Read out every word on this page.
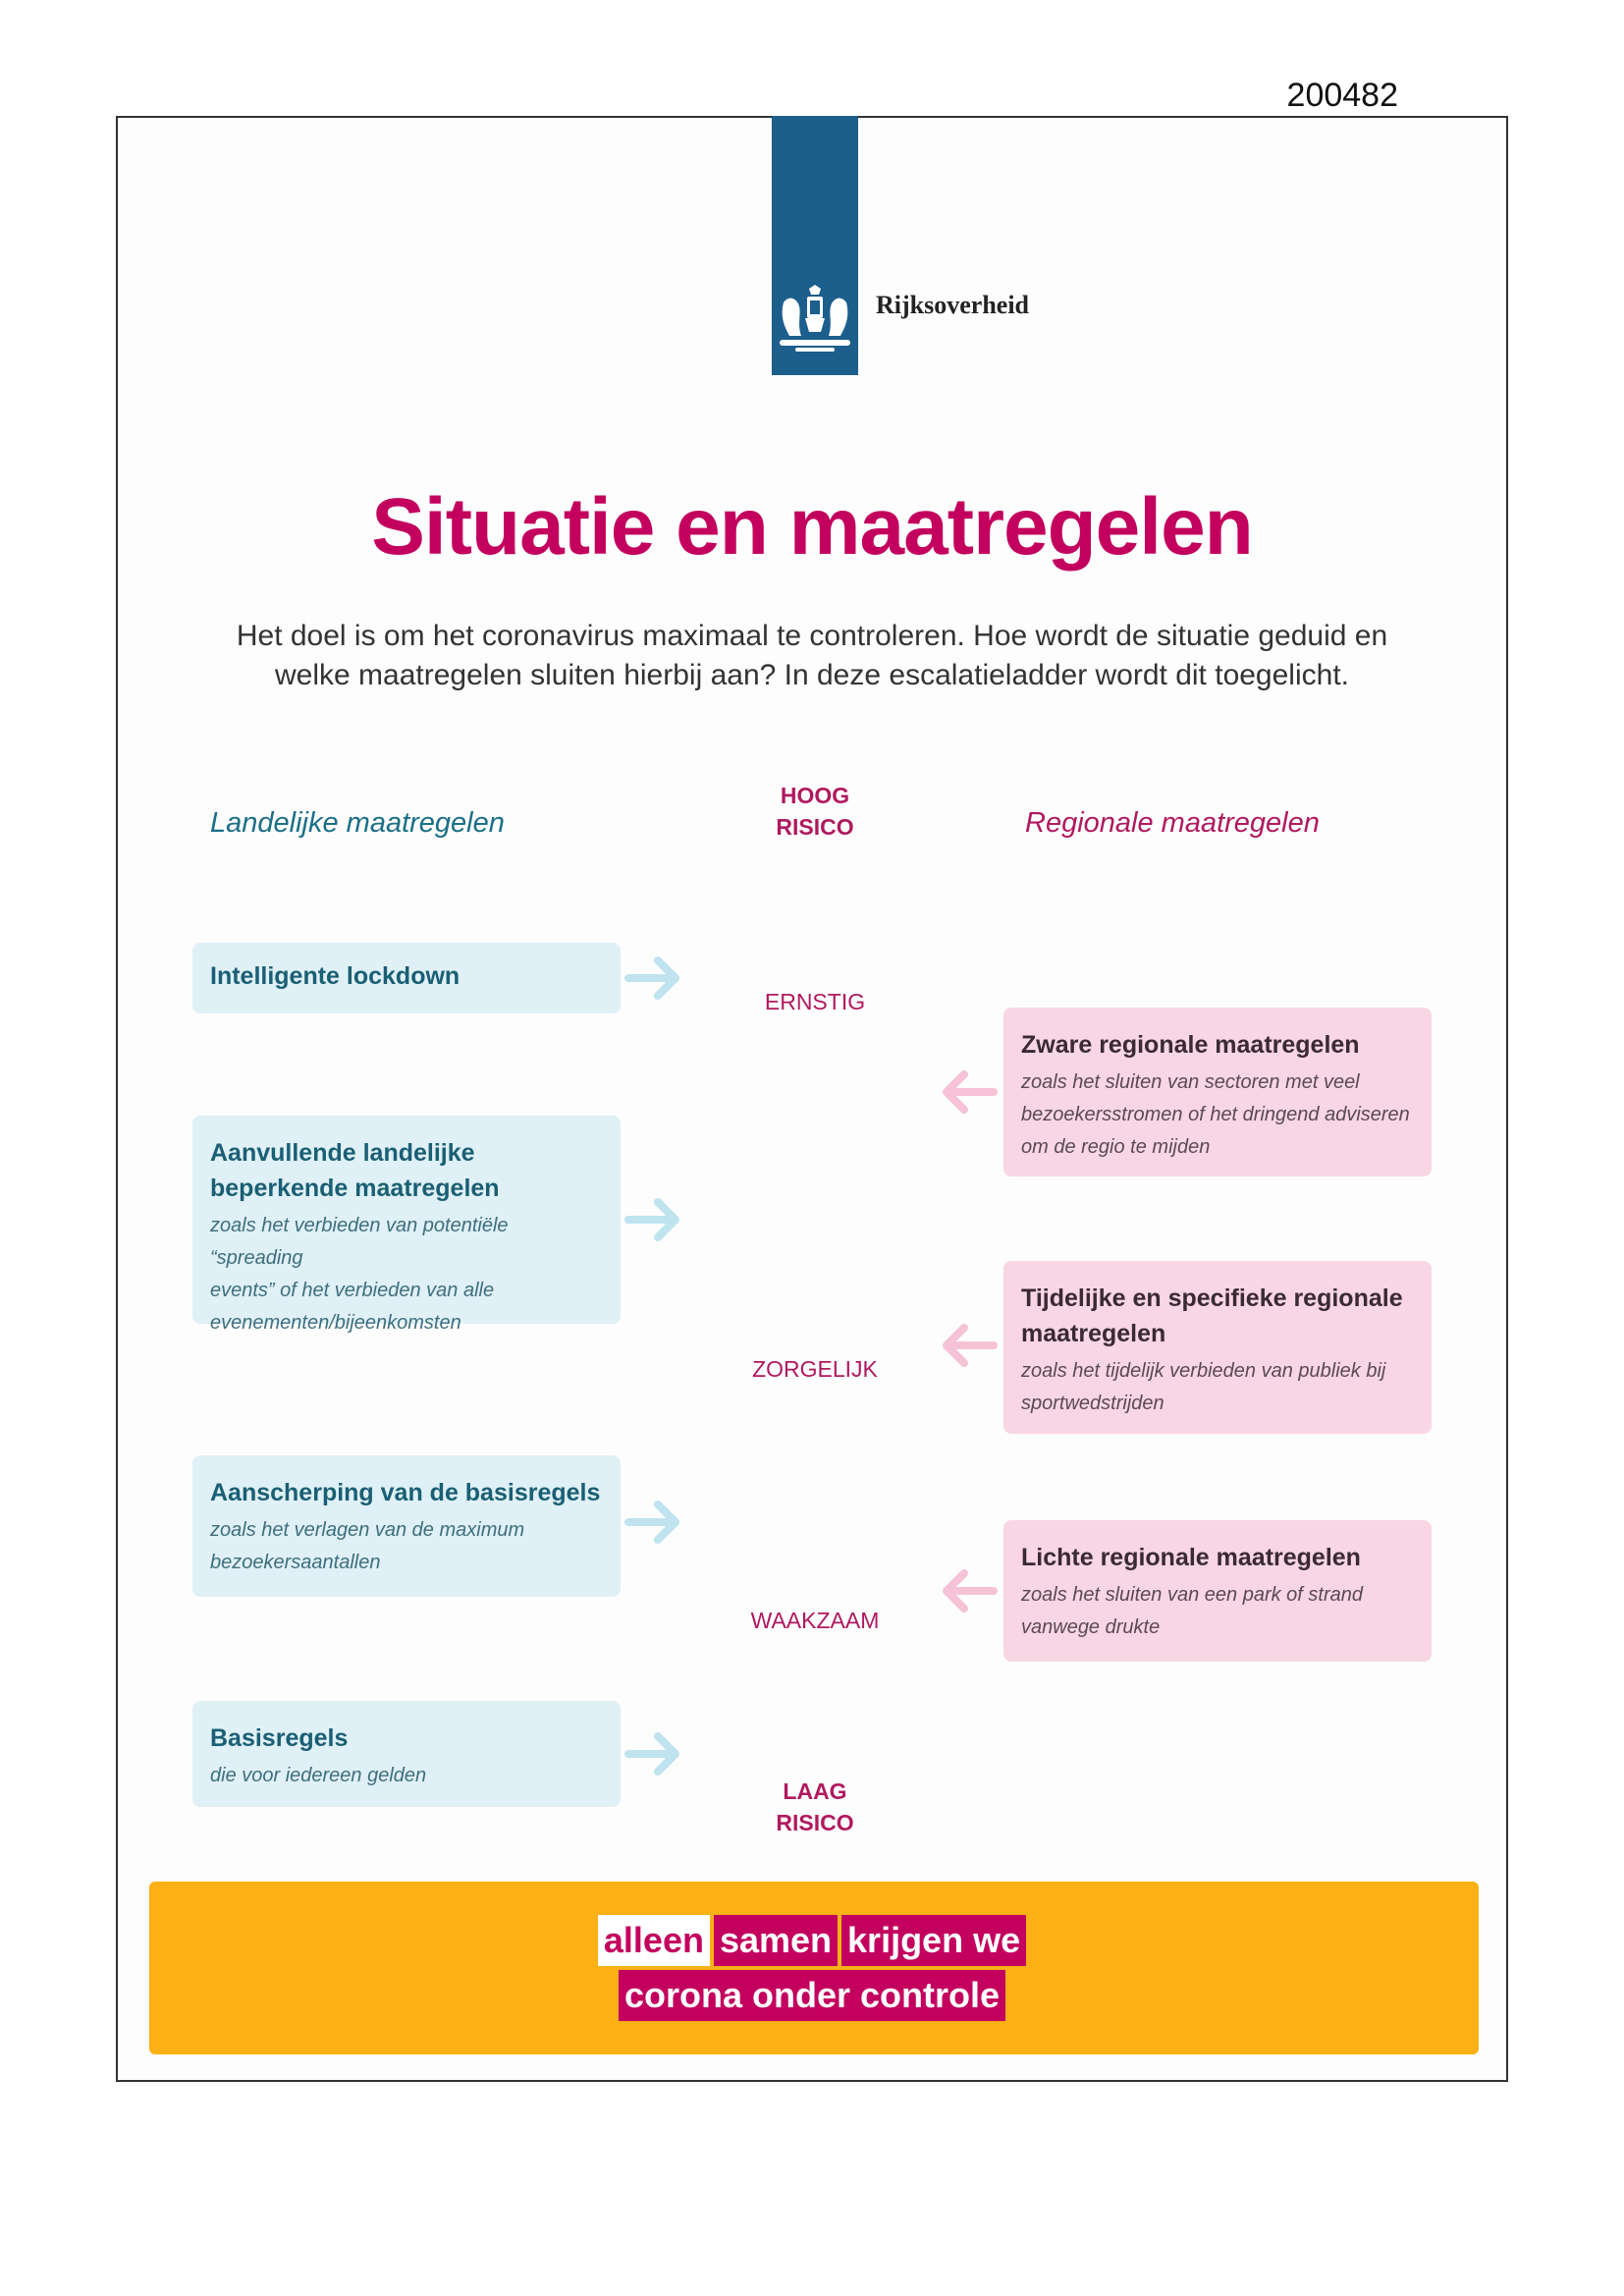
200482
Rijksoverheid
Situatie en maatregelen
Het doel is om het coronavirus maximaal te controleren. Hoe wordt de situatie geduid en
welke maatregelen sluiten hierbij aan? In deze escalatieladder wordt dit toegelicht.
Landelijke maatregelen	Regionale maatregelen
HOOG
RISICO
ERNSTIG
ZORGELIJK
WAAKZAAM
LAAG
RISICO
Intelligente lockdown
Aanvullende landelijke beperkende maatregelen
zoals het verbieden van potentiële “spreading
events” of het verbieden van alle
evenementen/bijeenkomsten
Aanscherping van de basisregels
zoals het verlagen van de maximum
bezoekersaantallen
Basisregels
die voor iedereen gelden
Zware regionale maatregelen
zoals het sluiten van sectoren met veel
bezoekersstromen of het dringend adviseren
om de regio te mijden
Tijdelijke en specifieke regionale maatregelen
zoals het tijdelijk verbieden van publiek bij
sportwedstrijden
Lichte regionale maatregelen
zoals het sluiten van een park of strand
vanwege drukte
alleen samen krijgen we
corona onder controle
